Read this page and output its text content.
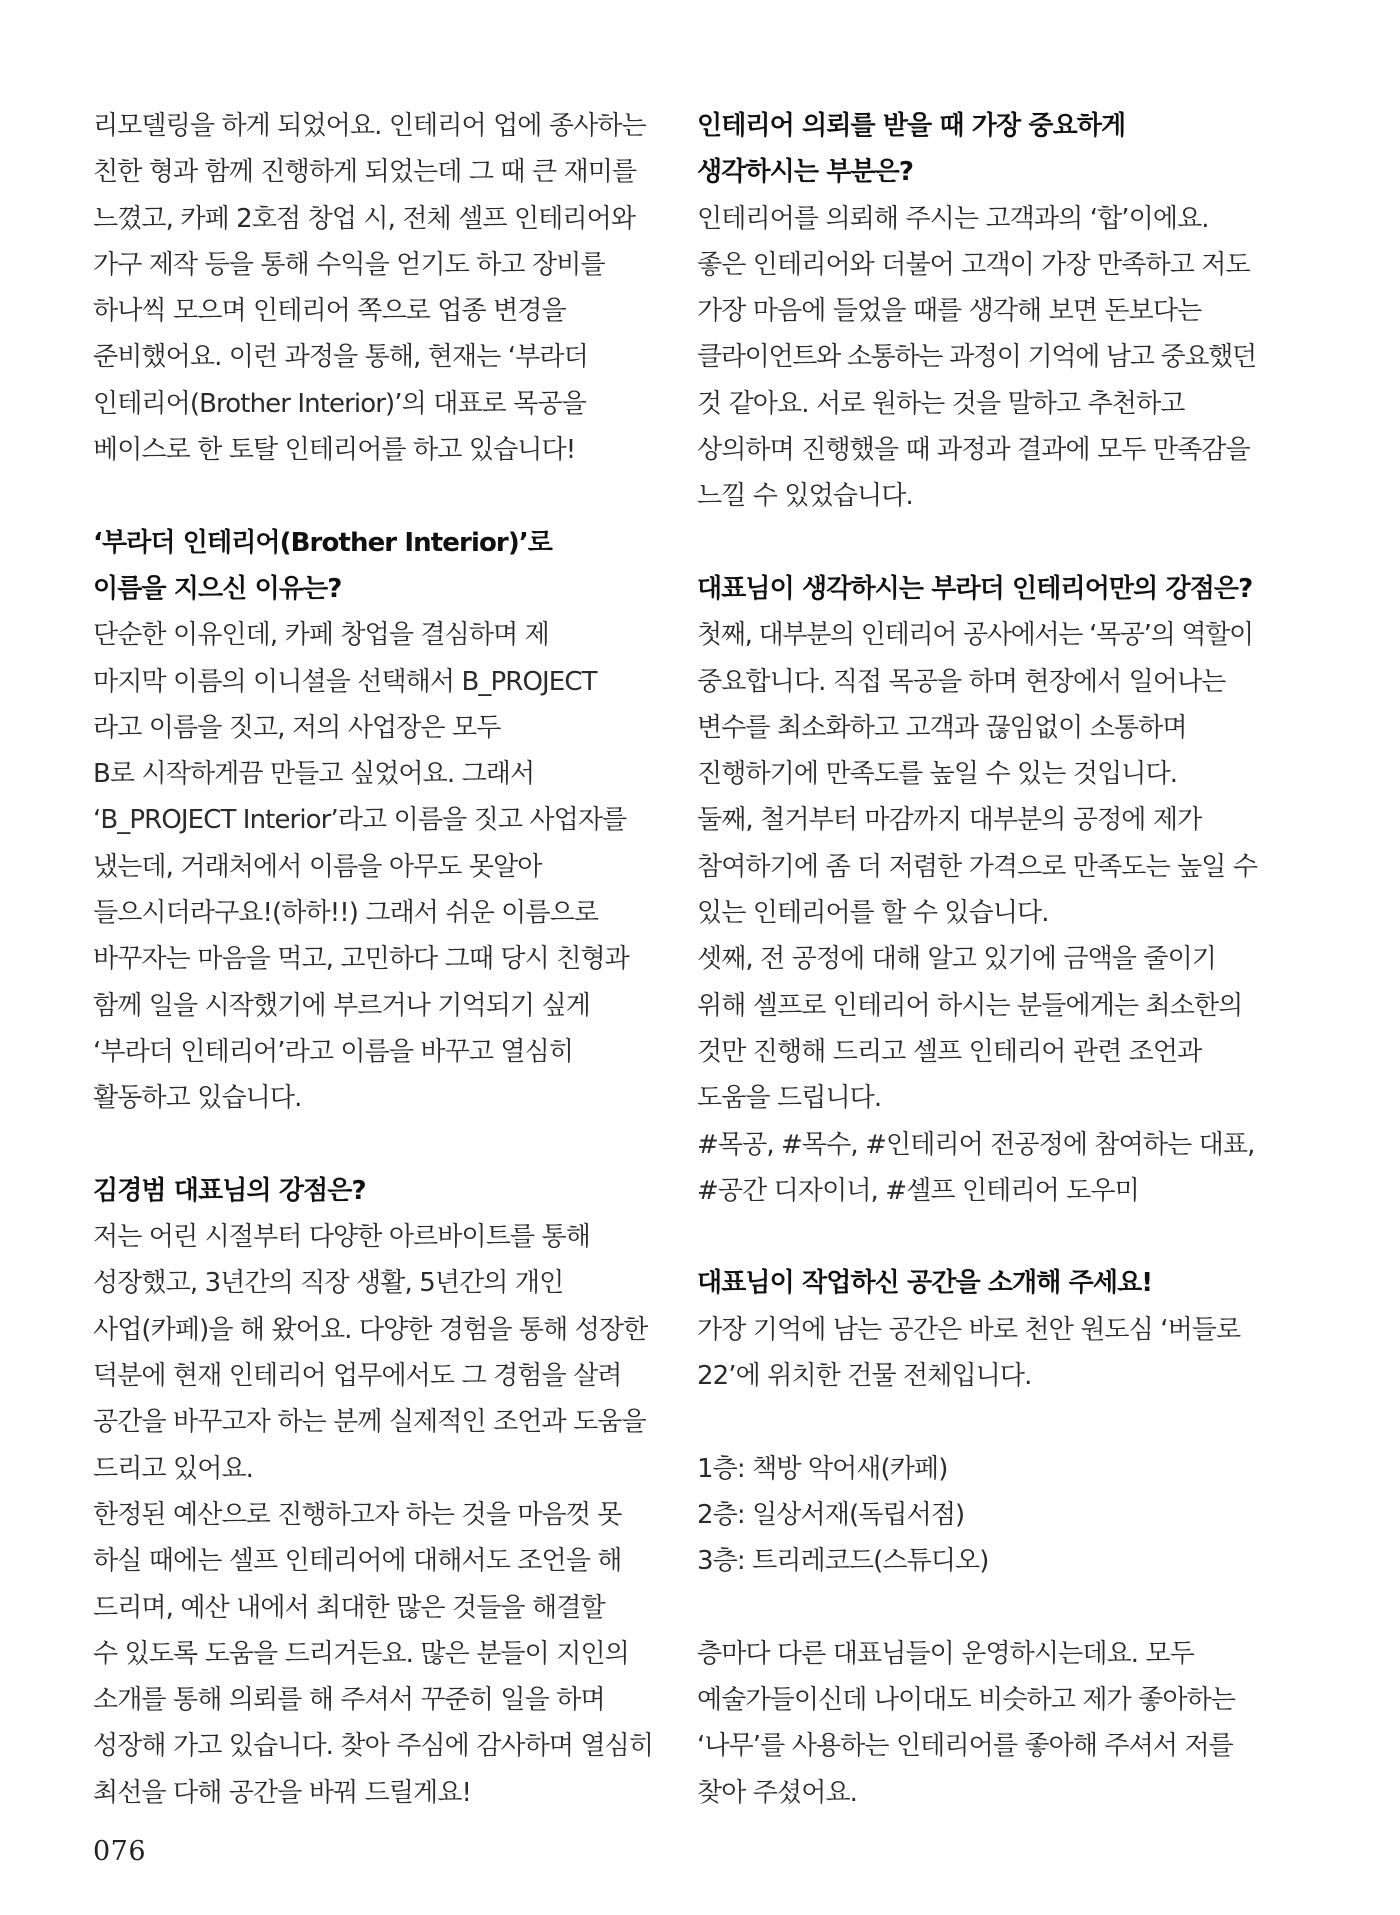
리모델링을 하게 되었어요. 인테리어 업에 종사하는
친한 형과 함께 진행하게 되었는데 그 때 큰 재미를
느꼈고, 카페 2호점 창업 시, 전체 셀프 인테리어와
가구 제작 등을 통해 수익을 얻기도 하고 장비를
하나씩 모으며 인테리어 쪽으로 업종 변경을
준비했어요. 이런 과정을 통해, 현재는 ‘부라더
인테리어(Brother Interior)’의 대표로 목공을
베이스로 한 토탈 인테리어를 하고 있습니다!
‘부라더 인테리어(Brother Interior)’로
이름을 지으신 이유는?
단순한 이유인데, 카페 창업을 결심하며 제
마지막 이름의 이니셜을 선택해서 B_PROJECT
라고 이름을 짓고, 저의 사업장은 모두
B로 시작하게끔 만들고 싶었어요. 그래서
‘B_PROJECT Interior’라고 이름을 짓고 사업자를
냈는데, 거래처에서 이름을 아무도 못알아
들으시더라구요!(하하!!) 그래서 쉬운 이름으로
바꾸자는 마음을 먹고, 고민하다 그때 당시 친형과
함께 일을 시작했기에 부르거나 기억되기 싶게
‘부라더 인테리어’라고 이름을 바꾸고 열심히
활동하고 있습니다.
김경범 대표님의 강점은?
저는 어린 시절부터 다양한 아르바이트를 통해
성장했고, 3년간의 직장 생활, 5년간의 개인
사업(카페)을 해 왔어요. 다양한 경험을 통해 성장한
덕분에 현재 인테리어 업무에서도 그 경험을 살려
공간을 바꾸고자 하는 분께 실제적인 조언과 도움을
드리고 있어요.
한정된 예산으로 진행하고자 하는 것을 마음껏 못
하실 때에는 셀프 인테리어에 대해서도 조언을 해
드리며, 예산 내에서 최대한 많은 것들을 해결할
수 있도록 도움을 드리거든요. 많은 분들이 지인의
소개를 통해 의뢰를 해 주셔서 꾸준히 일을 하며
성장해 가고 있습니다. 찾아 주심에 감사하며 열심히
최선을 다해 공간을 바꿔 드릴게요!
인테리어 의뢰를 받을 때 가장 중요하게
생각하시는 부분은?
인테리어를 의뢰해 주시는 고객과의 ‘합’이에요.
좋은 인테리어와 더불어 고객이 가장 만족하고 저도
가장 마음에 들었을 때를 생각해 보면 돈보다는
클라이언트와 소통하는 과정이 기억에 남고 중요했던
것 같아요. 서로 원하는 것을 말하고 추천하고
상의하며 진행했을 때 과정과 결과에 모두 만족감을
느낄 수 있었습니다.
대표님이 생각하시는 부라더 인테리어만의 강점은?
첫째, 대부분의 인테리어 공사에서는 ‘목공’의 역할이
중요합니다. 직접 목공을 하며 현장에서 일어나는
변수를 최소화하고 고객과 끊임없이 소통하며
진행하기에 만족도를 높일 수 있는 것입니다.
둘째, 철거부터 마감까지 대부분의 공정에 제가
참여하기에 좀 더 저렴한 가격으로 만족도는 높일 수
있는 인테리어를 할 수 있습니다.
셋째, 전 공정에 대해 알고 있기에 금액을 줄이기
위해 셀프로 인테리어 하시는 분들에게는 최소한의
것만 진행해 드리고 셀프 인테리어 관련 조언과
도움을 드립니다.
#목공, #목수, #인테리어 전공정에 참여하는 대표,
#공간 디자이너, #셀프 인테리어 도우미
대표님이 작업하신 공간을 소개해 주세요!
가장 기억에 남는 공간은 바로 천안 원도심 ‘버들로
22’에 위치한 건물 전체입니다.
1층: 책방 악어새(카페)
2층: 일상서재(독립서점)
3층: 트리레코드(스튜디오)
층마다 다른 대표님들이 운영하시는데요. 모두
예술가들이신데 나이대도 비슷하고 제가 좋아하는
‘나무’를 사용하는 인테리어를 좋아해 주셔서 저를
찾아 주셨어요.
076
